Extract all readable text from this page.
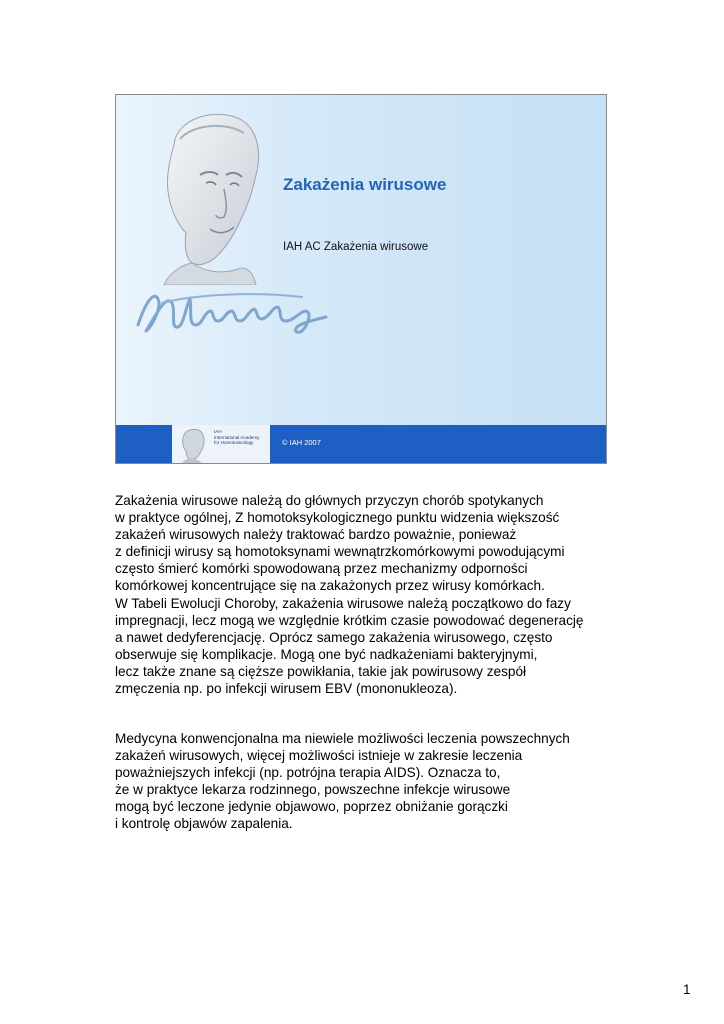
Zakażenia wirusowe
IAH AC Zakażenia wirusowe
IAH
International Academy
for Homotoxicology	© IAH 2007
Zakażenia wirusowe należą do głównych przyczyn chorób spotykanych
w praktyce ogólnej, Z homotoksykologicznego punktu widzenia większość
zakażeń wirusowych należy traktować bardzo poważnie, ponieważ
z definicji wirusy są homotoksynami wewnątrzkomórkowymi powodującymi
często śmierć komórki spowodowaną przez mechanizmy odporności
komórkowej koncentrujące się na zakażonych przez wirusy komórkach.
W Tabeli Ewolucji Choroby, zakażenia wirusowe należą początkowo do fazy
impregnacji, lecz mogą we względnie krótkim czasie powodować degenerację
a nawet dedyferencjację. Oprócz samego zakażenia wirusowego, często
obserwuje się komplikacje. Mogą one być nadkażeniami bakteryjnymi,
lecz także znane są cięższe powikłania, takie jak powirusowy zespół
zmęczenia np. po infekcji wirusem EBV (mononukleoza).
Medycyna konwencjonalna ma niewiele możliwości leczenia powszechnych
zakażeń wirusowych, więcej możliwości istnieje w zakresie leczenia
poważniejszych infekcji (np. potrójna terapia AIDS). Oznacza to,
że w praktyce lekarza rodzinnego, powszechne infekcje wirusowe
mogą być leczone jedynie objawowo, poprzez obniżanie gorączki
i kontrolę objawów zapalenia.
1
